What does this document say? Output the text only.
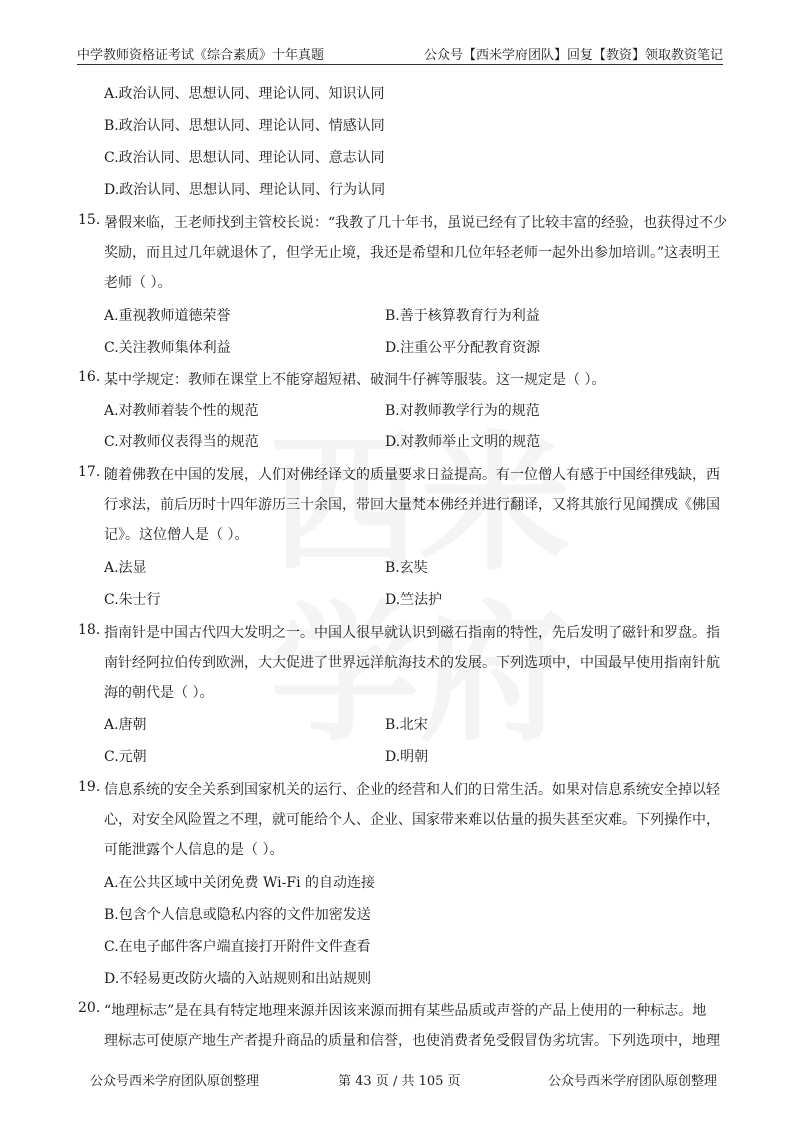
中学教师资格证考试《综合素质》十年真题	公众号【西米学府团队】回复【教资】领取教资笔记
A.政治认同、思想认同、理论认同、知识认同
B.政治认同、思想认同、理论认同、情感认同
C.政治认同、思想认同、理论认同、意志认同
D.政治认同、思想认同、理论认同、行为认同
15. 暑假来临，王老师找到主管校长说：“我教了几十年书，虽说已经有了比较丰富的经验，也获得过不少
奖励，而且过几年就退休了，但学无止境，我还是希望和几位年轻老师一起外出参加培训。”这表明王
老师（ ）。
A.重视教师道德荣誉	B.善于核算教育行为利益
C.关注教师集体利益	D.注重公平分配教育资源
16. 某中学规定：教师在课堂上不能穿超短裙、破洞牛仔裤等服装。这一规定是（ ）。
A.对教师着装个性的规范	B.对教师教学行为的规范
C.对教师仪表得当的规范	D.对教师举止文明的规范
17. 随着佛教在中国的发展，人们对佛经译文的质量要求日益提高。有一位僧人有感于中国经律残缺，西
行求法，前后历时十四年游历三十余国，带回大量梵本佛经并进行翻译，又将其旅行见闻撰成《佛国
记》。这位僧人是（ ）。
A.法显	B.玄奘
C.朱士行	D.竺法护
18. 指南针是中国古代四大发明之一。中国人很早就认识到磁石指南的特性，先后发明了磁针和罗盘。指
南针经阿拉伯传到欧洲，大大促进了世界远洋航海技术的发展。下列选项中，中国最早使用指南针航
海的朝代是（ ）。
A.唐朝	B.北宋
C.元朝	D.明朝
19. 信息系统的安全关系到国家机关的运行、企业的经营和人们的日常生活。如果对信息系统安全掉以轻
心，对安全风险置之不理，就可能给个人、企业、国家带来难以估量的损失甚至灾难。下列操作中，
可能泄露个人信息的是（ ）。
A.在公共区域中关闭免费 Wi-Fi 的自动连接
B.包含个人信息或隐私内容的文件加密发送
C.在电子邮件客户端直接打开附件文件查看
D.不轻易更改防火墙的入站规则和出站规则
20. “地理标志”是在具有特定地理来源并因该来源而拥有某些品质或声誉的产品上使用的一种标志。地
理标志可使原产地生产者提升商品的质量和信誉，也使消费者免受假冒伪劣坑害。下列选项中，地理
公众号西米学府团队原创整理	第 43 页 / 共 105 页	公众号西米学府团队原创整理
